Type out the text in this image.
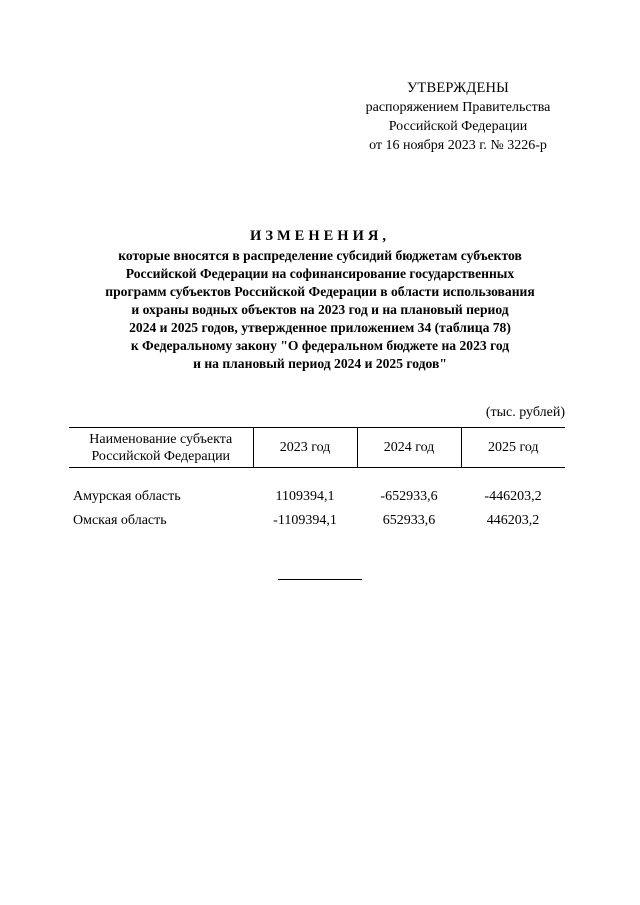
УТВЕРЖДЕНЫ
распоряжением Правительства
Российской Федерации
от 16 ноября 2023 г. № 3226-р
ИЗМЕНЕНИЯ,
которые вносятся в распределение субсидий бюджетам субъектов
Российской Федерации на софинансирование государственных
программ субъектов Российской Федерации в области использования
и охраны водных объектов на 2023 год и на плановый период
2024 и 2025 годов, утвержденное приложением 34 (таблица 78)
к Федеральному закону "О федеральном бюджете на 2023 год
и на плановый период 2024 и 2025 годов"
(тыс. рублей)
Наименование субъекта
Российской Федерации	2023 год	2024 год	2025 год

Амурская область	1109394,1	-652933,6	-446203,2
Омская область	-1109394,1	652933,6	446203,2
